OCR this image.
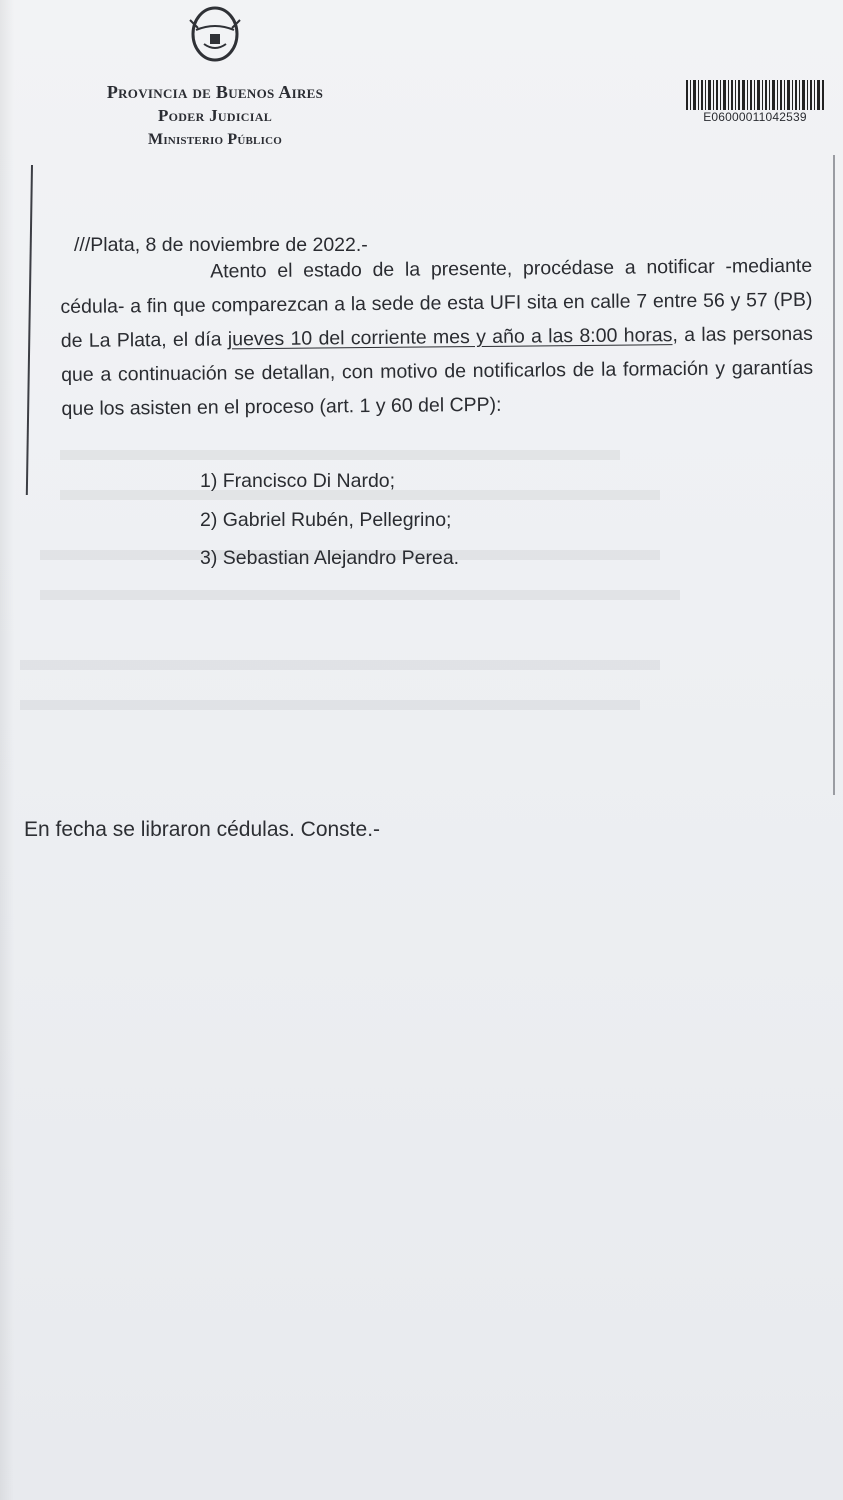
Provincia de Buenos Aires
Poder Judicial
Ministerio Público
E06000011042539
///Plata, 8 de noviembre de 2022.-
Atento el estado de la presente, procédase a notificar -mediante cédula- a fin que comparezcan a la sede de esta UFI sita en calle 7 entre 56 y 57 (PB) de La Plata, el día jueves 10 del corriente mes y año a las 8:00 horas, a las personas que a continuación se detallan, con motivo de notificarlos de la formación y garantías que los asisten en el proceso (art. 1 y 60 del CPP):
1) Francisco Di Nardo;
2) Gabriel Rubén, Pellegrino;
3) Sebastian Alejandro Perea.
En fecha se libraron cédulas. Conste.-
